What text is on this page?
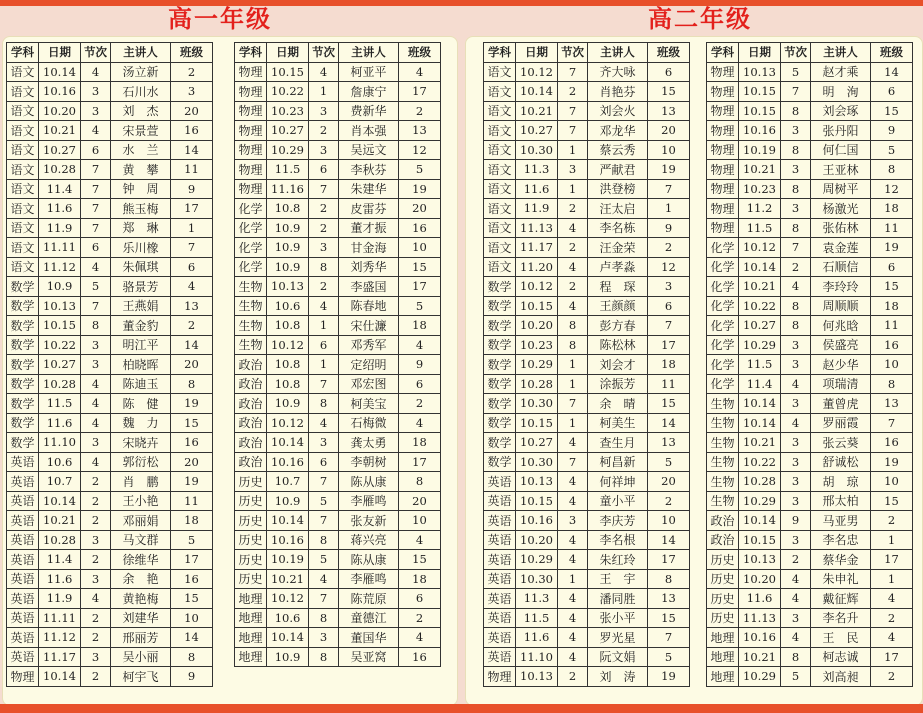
高一年级	高二年级
学科	日期	节次	主讲人	班级
语文	10.14	4	汤立新	2
语文	10.16	3	石川水	3
语文	10.20	3	刘　杰	20
语文	10.21	4	宋景萱	16
语文	10.27	6	水　兰	14
语文	10.28	7	黄　攀	11
语文	11.4	7	钟　周	9
语文	11.6	7	熊玉梅	17
语文	11.9	7	郑　琳	1
语文	11.11	6	乐川橡	7
语文	11.12	4	朱佩琪	6
数学	10.9	5	骆景芳	4
数学	10.13	7	王燕娟	13
数学	10.15	8	董金豹	2
数学	10.22	3	明江平	14
数学	10.27	3	柏晓晖	20
数学	10.28	4	陈迪玉	8
数学	11.5	4	陈　健	19
数学	11.6	4	魏　力	15
数学	11.10	3	宋晓卉	16
英语	10.6	4	郭衍松	20
英语	10.7	2	肖　鹏	19
英语	10.14	2	王小艳	11
英语	10.21	2	邓丽娟	18
英语	10.28	3	马文群	5
英语	11.4	2	徐维华	17
英语	11.6	3	余　艳	16
英语	11.9	4	黄艳梅	15
英语	11.11	2	刘建华	10
英语	11.12	2	邢丽芳	14
英语	11.17	3	吴小丽	8
物理	10.14	2	柯宇飞	9
学科	日期	节次	主讲人	班级
物理	10.15	4	柯亚平	4
物理	10.22	1	詹康宁	17
物理	10.23	3	费新华	2
物理	10.27	2	肖本强	13
物理	10.29	3	吴远文	12
物理	11.5	6	李秋芬	5
物理	11.16	7	朱建华	19
化学	10.8	2	皮雷芬	20
化学	10.9	2	董才振	16
化学	10.9	3	甘金海	10
化学	10.9	8	刘秀华	15
生物	10.13	2	李盛国	17
生物	10.6	4	陈春地	5
生物	10.8	1	宋仕濂	18
生物	10.12	6	邓秀军	4
政治	10.8	1	定绍明	9
政治	10.8	7	邓宏图	6
政治	10.9	8	柯美宝	2
政治	10.12	4	石梅微	4
政治	10.14	3	龚太勇	18
政治	10.16	6	李朝树	17
历史	10.7	7	陈从康	8
历史	10.9	5	李雁鸣	20
历史	10.14	7	张友新	10
历史	10.16	8	蒋兴亮	4
历史	10.19	5	陈从康	15
历史	10.21	4	李雁鸣	18
地理	10.12	7	陈荒原	6
地理	10.6	8	童德江	2
地理	10.14	3	董国华	4
地理	10.9	8	吴亚窝	16
学科	日期	节次	主讲人	班级
语文	10.12	7	齐大咏	6
语文	10.14	2	肖艳芬	15
语文	10.21	7	刘会火	13
语文	10.27	7	邓龙华	20
语文	10.30	1	蔡云秀	10
语文	11.3	3	严献君	19
语文	11.6	1	洪登榜	7
语文	11.9	2	汪太启	1
语文	11.13	4	李名栋	9
语文	11.17	2	汪金荣	2
语文	11.20	4	卢孝淼	12
数学	10.12	2	程　琛	3
数学	10.15	4	王颜颜	6
数学	10.20	8	彭方春	7
数学	10.23	8	陈松林	17
数学	10.29	1	刘会才	18
数学	10.28	1	涂振芳	11
数学	10.30	7	余　晴	15
数学	10.15	1	柯美生	14
数学	10.27	4	查生月	13
数学	10.30	7	柯昌新	5
英语	10.13	4	何祥坤	20
英语	10.15	4	童小平	2
英语	10.16	3	李庆芳	10
英语	10.20	4	李名根	14
英语	10.29	4	朱红玲	17
英语	10.30	1	王　宇	8
英语	11.3	4	潘同胜	13
英语	11.5	4	张小平	15
英语	11.6	4	罗光星	7
英语	11.10	4	阮文娟	5
物理	10.13	2	刘　涛	19
学科	日期	节次	主讲人	班级
物理	10.13	5	赵才乘	14
物理	10.15	7	明　洵	6
物理	10.15	8	刘会琢	15
物理	10.16	3	张丹阳	9
物理	10.19	8	何仁国	5
物理	10.21	3	王亚林	8
物理	10.23	8	周树平	12
物理	11.2	3	杨激光	18
物理	11.5	8	张佑林	11
化学	10.12	7	袁金莲	19
化学	10.14	2	石顺信	6
化学	10.21	4	李玲玲	15
化学	10.22	8	周顺顺	18
化学	10.27	8	何兆晗	11
化学	10.29	3	侯盛亮	16
化学	11.5	3	赵少华	10
化学	11.4	4	项瑞清	8
生物	10.14	3	董曾虎	13
生物	10.14	4	罗丽霞	7
生物	10.21	3	张云葵	16
生物	10.22	3	舒诚松	19
生物	10.28	3	胡　琼	10
生物	10.29	3	邢太柏	15
政治	10.14	9	马亚男	2
政治	10.15	3	李名忠	1
历史	10.13	2	蔡华金	17
历史	10.20	4	朱申礼	1
历史	11.6	4	戴征辉	4
历史	11.13	3	李名升	2
地理	10.16	4	王　民	4
地理	10.21	8	柯志诚	17
地理	10.29	5	刘高昶	2
